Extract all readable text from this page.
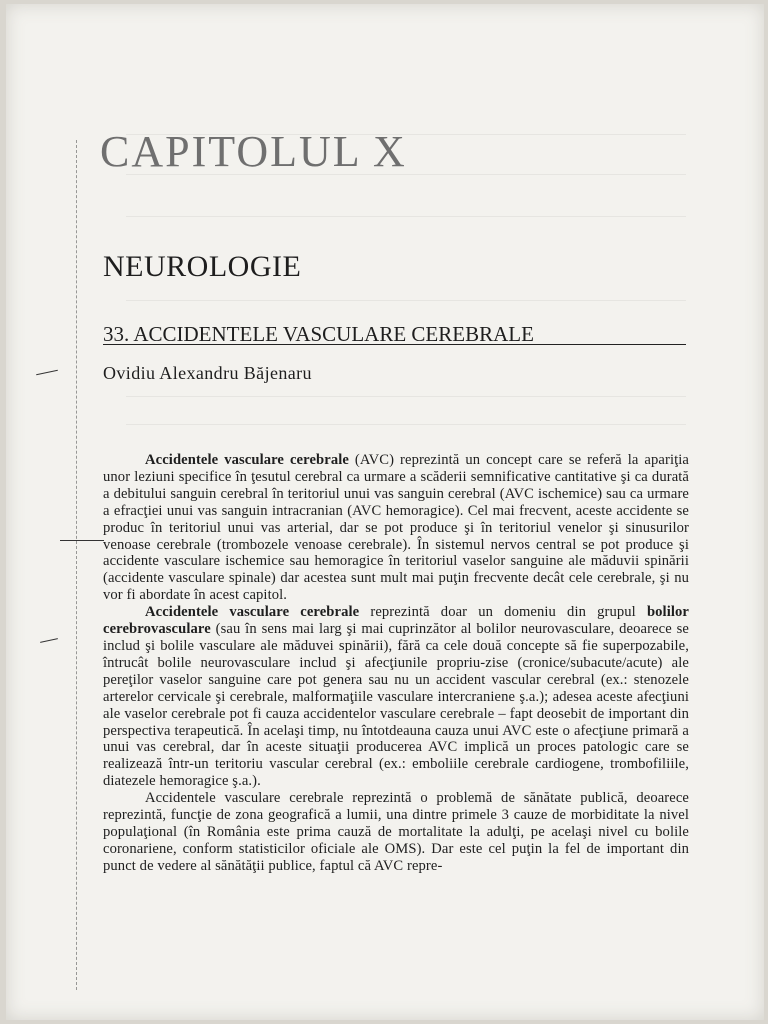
CAPITOLUL X
NEUROLOGIE
33. ACCIDENTELE VASCULARE CEREBRALE
Ovidiu Alexandru Băjenaru

Accidentele vasculare cerebrale (AVC) reprezintă un concept care se referă la apariţia unor leziuni specifice în ţesutul cerebral ca urmare a scăderii semnificative cantitative şi ca durată a debitului sanguin cerebral în teritoriul unui vas sanguin cerebral (AVC ischemice) sau ca urmare a efracţiei unui vas sanguin intracranian (AVC hemoragice). Cel mai frecvent, aceste accidente se produc în teritoriul unui vas arterial, dar se pot produce şi în teritoriul venelor şi sinusurilor venoase cerebrale (trombozele venoase cerebrale). În sistemul nervos central se pot produce şi accidente vasculare ischemice sau hemoragice în teritoriul vaselor sanguine ale măduvii spinării (accidente vasculare spinale) dar acestea sunt mult mai puţin frecvente decât cele cerebrale, şi nu vor fi abordate în acest capitol.

Accidentele vasculare cerebrale reprezintă doar un domeniu din grupul bolilor cerebrovasculare (sau în sens mai larg şi mai cuprinzător al bolilor neurovasculare, deoarece se includ şi bolile vasculare ale măduvei spinării), fără ca cele două concepte să fie superpozabile, întrucât bolile neurovasculare includ şi afecţiunile propriu-zise (cronice/subacute/acute) ale pereţilor vaselor sanguine care pot genera sau nu un accident vascular cerebral (ex.: stenozele arterelor cervicale şi cerebrale, malformaţiile vasculare intercraniene ş.a.); adesea aceste afecţiuni ale vaselor cerebrale pot fi cauza accidentelor vasculare cerebrale – fapt deosebit de important din perspectiva terapeutică. În acelaşi timp, nu întotdeauna cauza unui AVC este o afecţiune primară a unui vas cerebral, dar în aceste situaţii producerea AVC implică un proces patologic care se realizează într-un teritoriu vascular cerebral (ex.: emboliile cerebrale cardiogene, trombofiliile, diatezele hemoragice ş.a.).

Accidentele vasculare cerebrale reprezintă o problemă de sănătate publică, deoarece reprezintă, funcţie de zona geografică a lumii, una dintre primele 3 cauze de morbiditate la nivel populaţional (în România este prima cauză de mortalitate la adulţi, pe acelaşi nivel cu bolile coronariene, conform statisticilor oficiale ale OMS). Dar este cel puţin la fel de important din punct de vedere al sănătăţii publice, faptul că AVC repre-
